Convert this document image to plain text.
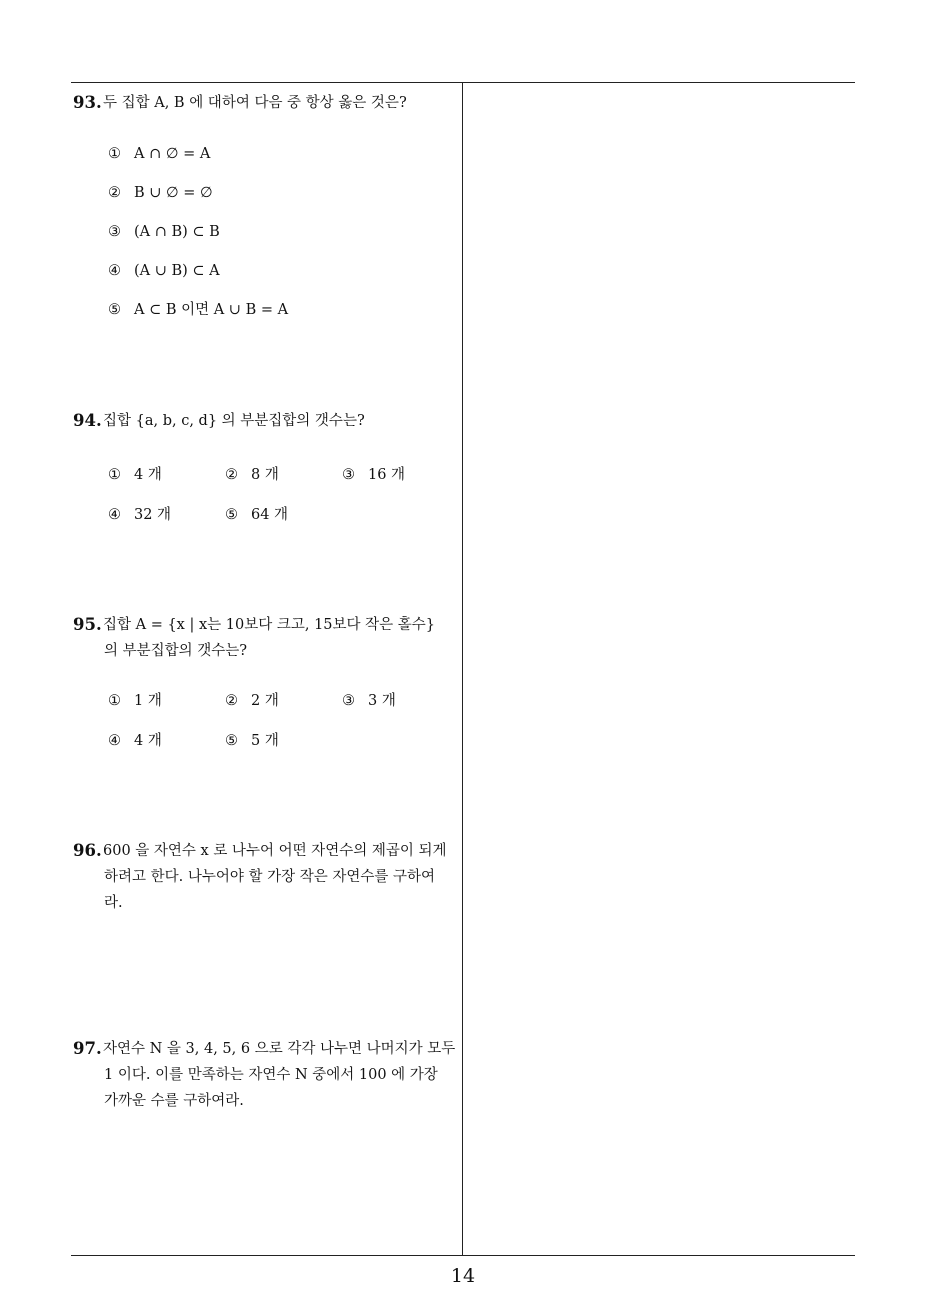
93. 두 집합 A, B 에 대하여 다음 중 항상 옳은 것은?
① A ∩ ∅ = A
② B ∪ ∅ = ∅
③ (A ∩ B) ⊂ B
④ (A ∪ B) ⊂ A
⑤ A ⊂ B 이면 A ∪ B = A
94. 집합 {a, b, c, d} 의 부분집합의 갯수는?
① 4 개	② 8 개	③ 16 개
④ 32 개	⑤ 64 개
95. 집합 A = {x | x는 10보다 크고, 15보다 작은 홀수}
의 부분집합의 갯수는?
① 1 개	② 2 개	③ 3 개
④ 4 개	⑤ 5 개
96. 600 을 자연수 x 로 나누어 어떤 자연수의 제곱이 되게
하려고 한다. 나누어야 할 가장 작은 자연수를 구하여
라.
97. 자연수 N 을 3, 4, 5, 6 으로 각각 나누면 나머지가 모두
1 이다. 이를 만족하는 자연수 N 중에서 100 에 가장
가까운 수를 구하여라.
14
